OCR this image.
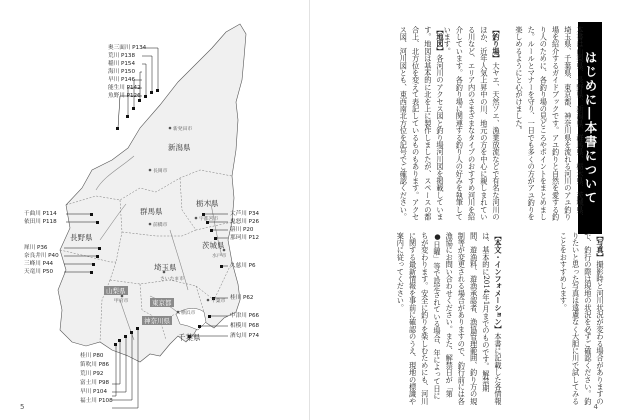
新潟県
長野県
群馬県
栃木県
茨城県
埼玉県
山梨県
東京都
神奈川県
千葉県
新発田市
長岡市
前橋市
宇都宮市
水戸市
さいたま市
甲府市
横浜市
千葉市
奥三面川 P134
荒川 P138
稲川 P154
海川 P150
早川 P146
能生川 P142
魚野川 P126
千曲川 P114
依田川 P118
犀川 P36
奈良井川 P40
三峰川 P44
天竜川 P50
大芦川 P34
鬼怒川 P26
箒川 P20
那珂川 P12
久慈川 P6
桂川 P62
中津川 P66
相模川 P68
酒匂川 P74
桂川 P80
笛吹川 P86
荒川 P92
富士川 P98
早川 P104
福士川 P108
5
はじめに―本書について
本書は山梨県、長野県、新潟県、群馬県、栃木県、茨城県、埼玉県、千葉県、東京都、神奈川県を流れる河川のアユ釣り場を紹介するガイドブックです。アユ釣りと自然を愛する釣り人のために、各釣り場の見どころやポイントをまとめました。ルールとマナーを守り、一日でも多くの方がアユ釣りを楽しめるようにと心がけました。
【釣り場】大ヤエ、天然ソエ、漁業放流などで有名な河川のほか、近年人気上昇中の川、地元の方を中心に親しまれている川など、エリア内のさまざまなタイプのおすすめ河川を紹介しています。各釣り場に関連する釣り人の好みを執筆しています。
【地図】各河川のアクセス図と釣り場河川図を掲載しています。地図は基本的に北を上に製作しましたが、スペースの都合上、北方位を変えて表記しているものもあります。アクセス図、河川図とも、東西南北方位を記号でご確認ください。
【写真】撮影時と河川状況が変わる場合がありますので、釣行の際は現地の状況を必ずご確認ください。釣りたいと思った写真は遠慮なく大胆に川で試してみることをおすすめします。
【本文・インフォメーション】本書に記載した各情報は、基本的に2014年1月までのものです。解禁期間、遊漁料、遊漁承認者、漁協管理範囲、釣り方の規制等が変更される場合がありますので、釣行前には各漁協にお問い合わせください。また、解禁日が「第●日曜」等で設定されている場合、年によって日にちが変わります。安全に釣りを楽しむためにも、河川に関する最新情報を事前に確認のうえ、現地の標識や案内に従ってください。
4
